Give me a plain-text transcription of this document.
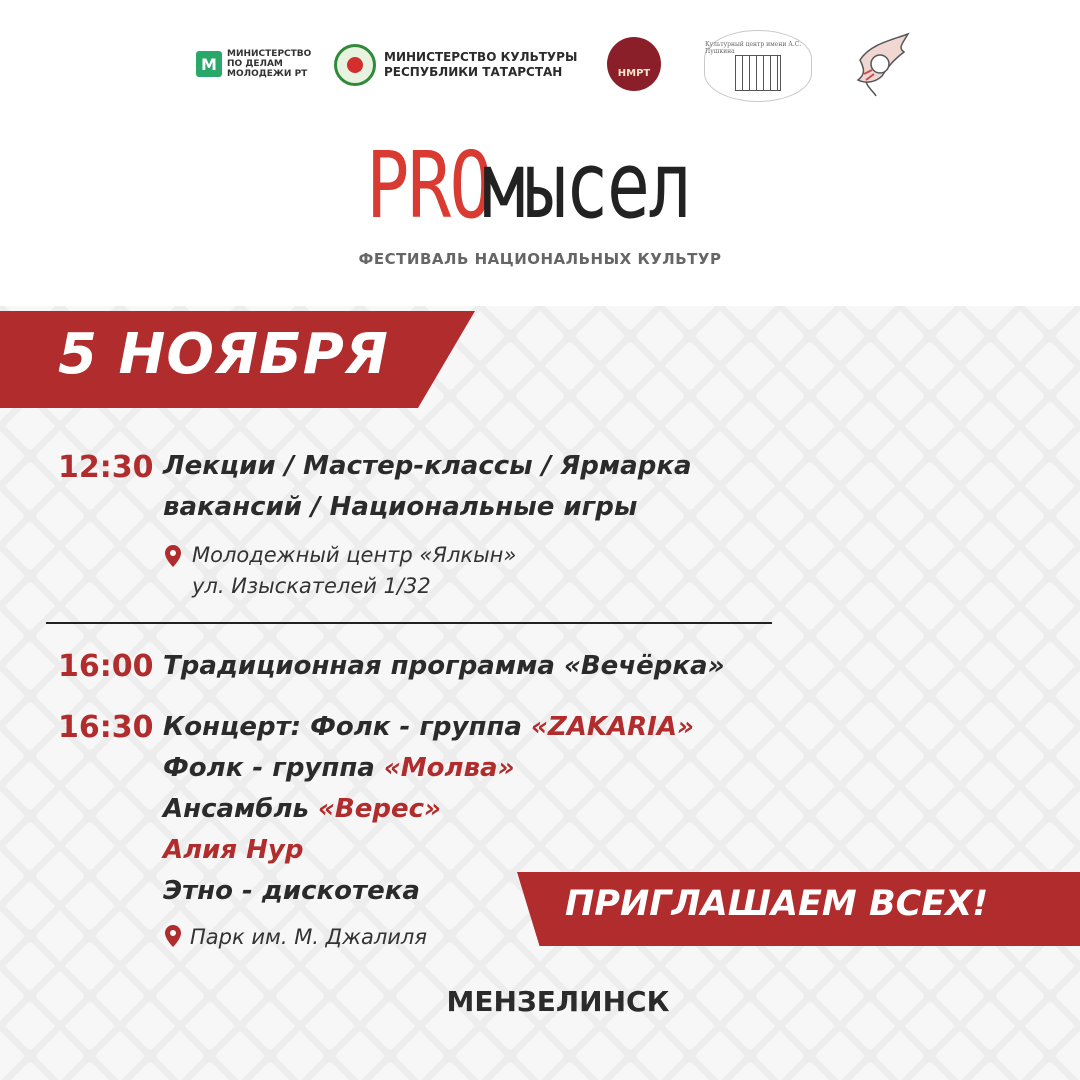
М
МИНИСТЕРСТВО
ПО ДЕЛАМ
МОЛОДЕЖИ РТ
МИНИСТЕРСТВО КУЛЬТУРЫ
РЕСПУБЛИКИ ТАТАРСТАН	НМРТ
Культурный центр имени А.С. Пушкина
PROмысел
ФЕСТИВАЛЬ НАЦИОНАЛЬНЫХ КУЛЬТУР
5 НОЯБРЯ
12:30 Лекции / Мастер-классы / Ярмарка
вакансий / Национальные игры
Молодежный центр «Ялкын»
ул. Изыскателей 1/32
16:00 Традиционная программа «Вечёрка»
16:30 Концерт: Фолк - группа «ZAKARIA»
Фолк - группа «Молва»
Ансамбль «Верес»
Алия Нур
Этно - дискотека
Парк им. М. Джалиля
ПРИГЛАШАЕМ ВСЕХ!
МЕНЗЕЛИНСК
